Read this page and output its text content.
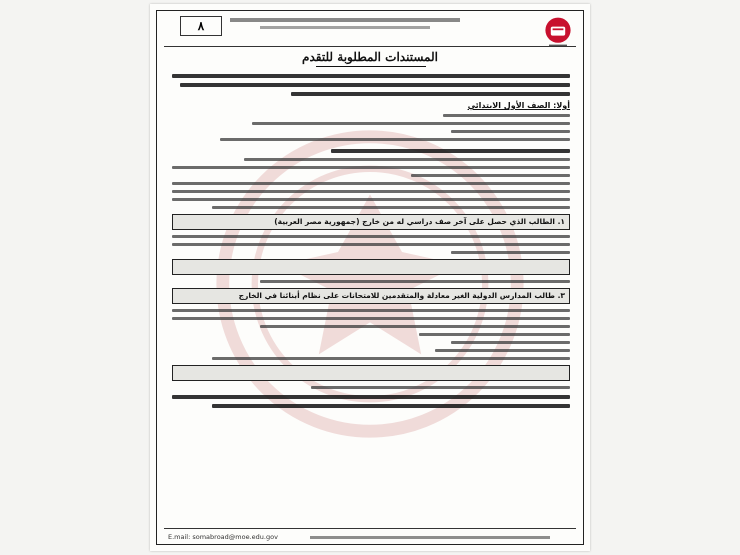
٨
المستندات المطلوبة للتقدم
أولا: الصف الأول الابتدائي
١. الطالب الذي حصل على آخر صف دراسي له من خارج (جمهورية مصر العربية)
٣. طالب المدارس الدولية الغير معادلة والمتقدمين للامتحانات على نظام أبنائنا في الخارج
E.mail: somabroad@moe.edu.gov
